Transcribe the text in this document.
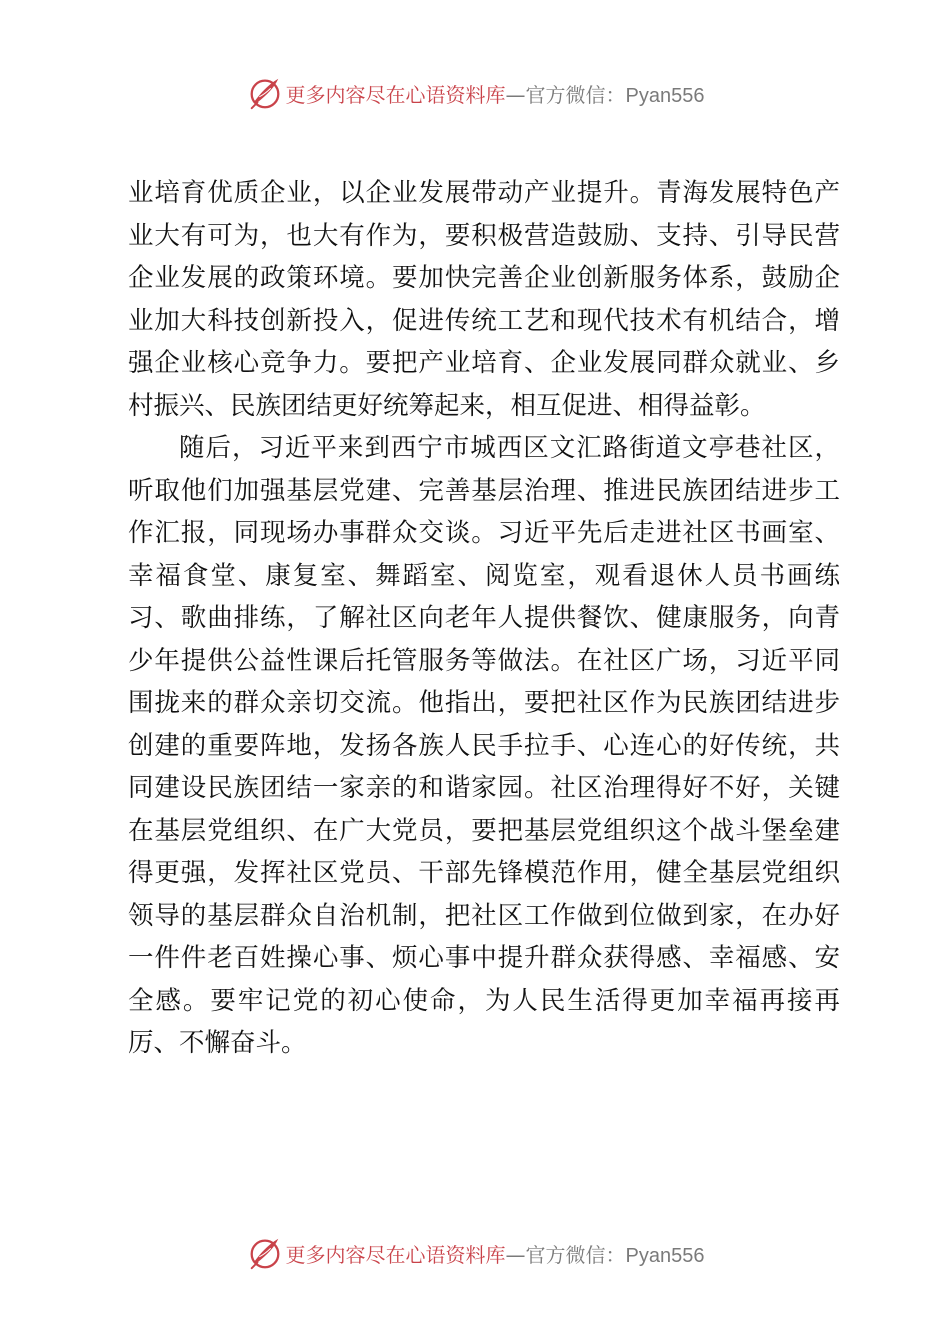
更多内容尽在心语资料库—官方微信：Pyan556

业培育优质企业，以企业发展带动产业提升。青海发展特色产业大有可为，也大有作为，要积极营造鼓励、支持、引导民营企业发展的政策环境。要加快完善企业创新服务体系，鼓励企业加大科技创新投入，促进传统工艺和现代技术有机结合，增强企业核心竞争力。要把产业培育、企业发展同群众就业、乡村振兴、民族团结更好统筹起来，相互促进、相得益彰。

随后，习近平来到西宁市城西区文汇路街道文亭巷社区，听取他们加强基层党建、完善基层治理、推进民族团结进步工作汇报，同现场办事群众交谈。习近平先后走进社区书画室、幸福食堂、康复室、舞蹈室、阅览室，观看退休人员书画练习、歌曲排练，了解社区向老年人提供餐饮、健康服务，向青少年提供公益性课后托管服务等做法。在社区广场，习近平同围拢来的群众亲切交流。他指出，要把社区作为民族团结进步创建的重要阵地，发扬各族人民手拉手、心连心的好传统，共同建设民族团结一家亲的和谐家园。社区治理得好不好，关键在基层党组织、在广大党员，要把基层党组织这个战斗堡垒建得更强，发挥社区党员、干部先锋模范作用，健全基层党组织领导的基层群众自治机制，把社区工作做到位做到家，在办好一件件老百姓操心事、烦心事中提升群众获得感、幸福感、安全感。要牢记党的初心使命，为人民生活得更加幸福再接再厉、不懈奋斗。

更多内容尽在心语资料库—官方微信：Pyan556
